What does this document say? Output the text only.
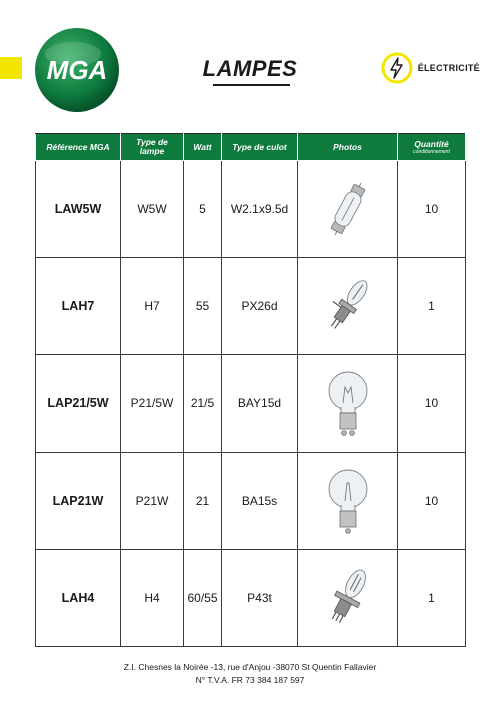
MGA	LAMPES	ÉLECTRICITÉ
Référence MGA	Type de lampe	Watt	Type de culot	Photos	Quantité
conditionnement

LAW5W	W5W	5	W2.1x9.5d		10
LAH7	H7	55	PX26d		1
LAP21/5W	P21/5W	21/5	BAY15d		10
LAP21W	P21W	21	BA15s		10
LAH4	H4	60/55	P43t		1
Z.I. Chesnes la Noirée -13, rue d'Anjou -38070 St Quentin Fallavier
N° T.V.A. FR 73 384 187 597
